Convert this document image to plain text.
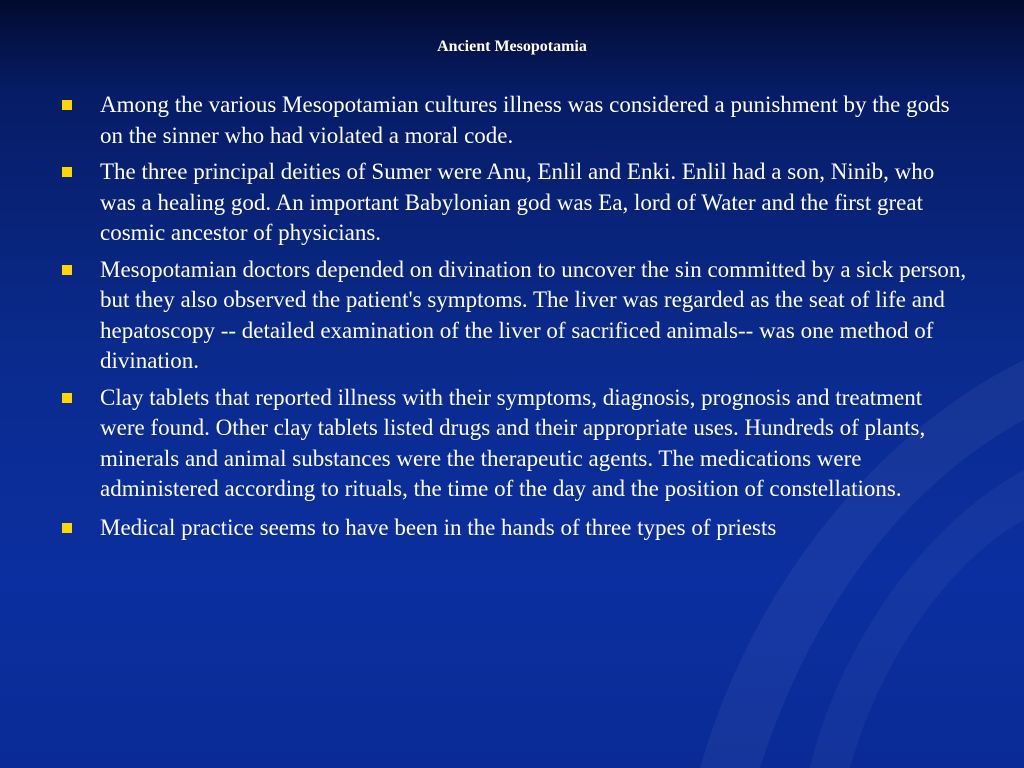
Ancient Mesopotamia
Among the various Mesopotamian cultures illness was considered a punishment by the gods on the sinner who had violated a moral code.
The three principal deities of Sumer were Anu, Enlil and Enki. Enlil had a son, Ninib, who was a healing god. An important Babylonian god was Ea, lord of Water and the first great cosmic ancestor of physicians.
Mesopotamian doctors depended on divination to uncover the sin committed by a sick person, but they also observed the patient's symptoms. The liver was regarded as the seat of life and hepatoscopy -- detailed examination of the liver of sacrificed animals-- was one method of divination.
Clay tablets that reported illness with their symptoms, diagnosis, prognosis and treatment were found. Other clay tablets listed drugs and their appropriate uses. Hundreds of plants, minerals and animal substances were the therapeutic agents. The medications were administered according to rituals, the time of the day and the position of constellations.
Medical practice seems to have been in the hands of three types of priests
